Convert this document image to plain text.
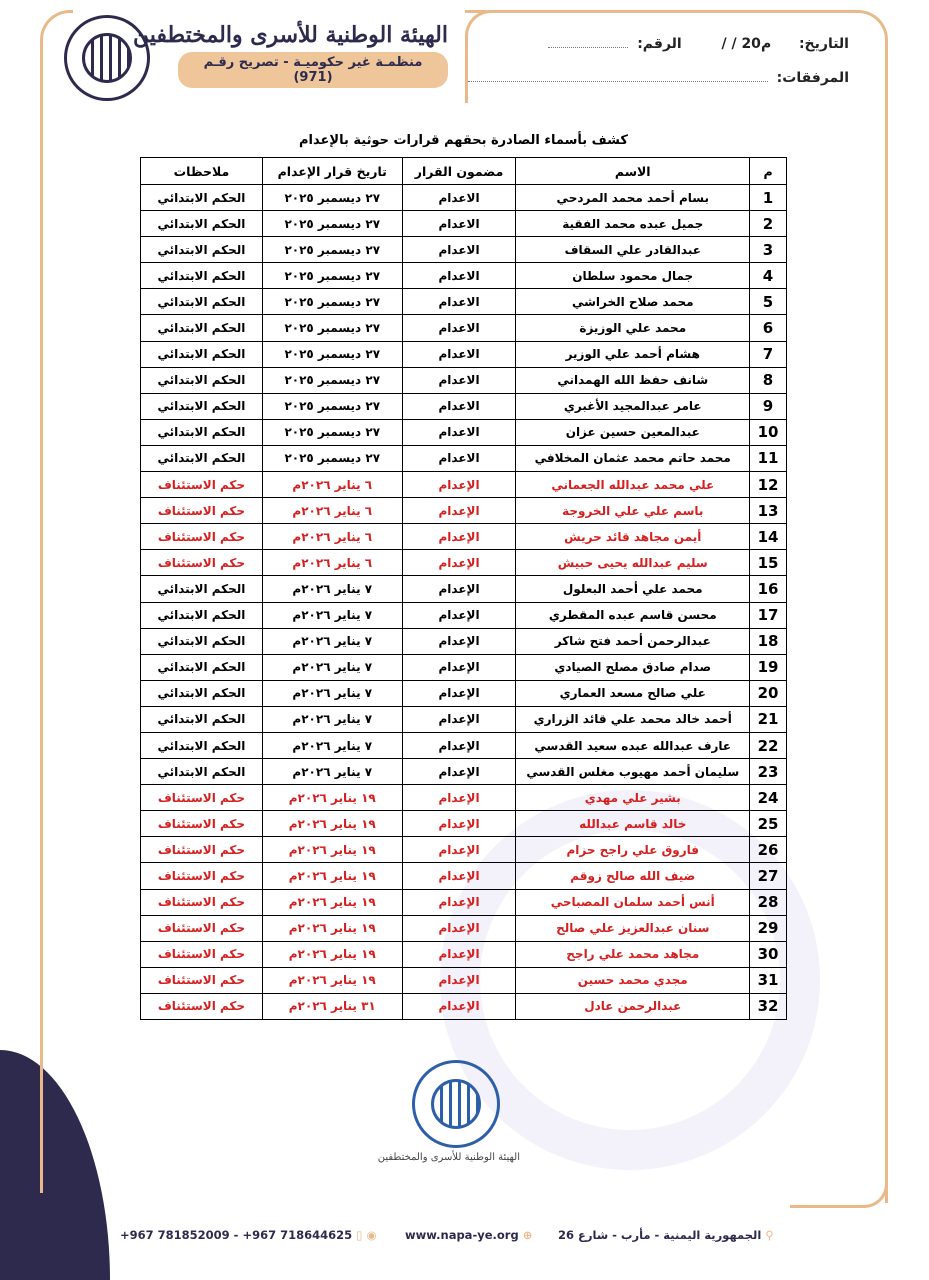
الهيئة الوطنية للأسرى والمختطفين
منظمـة غير حكوميـة - تصريح رقـم (971)
التاريخ:  / / 20م  الرقم:
المرفقات:
كشف بأسماء الصادرة بحقهم قرارات حوثية بالإعدام
م	الاسم	مضمون القرار	تاريخ قرار الإعدام	ملاحظات
1	بسام أحمد محمد المردحي	الاعدام	٢٧ ديسمبر ٢٠٢٥	الحكم الابتدائي
2	جميل عبده محمد الفقية	الاعدام	٢٧ ديسمبر ٢٠٢٥	الحكم الابتدائي
3	عبدالقادر علي السقاف	الاعدام	٢٧ ديسمبر ٢٠٢٥	الحكم الابتدائي
4	جمال محمود سلطان	الاعدام	٢٧ ديسمبر ٢٠٢٥	الحكم الابتدائي
5	محمد صلاح الخراشي	الاعدام	٢٧ ديسمبر ٢٠٢٥	الحكم الابتدائي
6	محمد علي الوزيزة	الاعدام	٢٧ ديسمبر ٢٠٢٥	الحكم الابتدائي
7	هشام أحمد علي الوزير	الاعدام	٢٧ ديسمبر ٢٠٢٥	الحكم الابتدائي
8	شانف حفظ الله الهمداني	الاعدام	٢٧ ديسمبر ٢٠٢٥	الحكم الابتدائي
9	عامر عبدالمجيد الأغبري	الاعدام	٢٧ ديسمبر ٢٠٢٥	الحكم الابتدائي
10	عبدالمعين حسين عزان	الاعدام	٢٧ ديسمبر ٢٠٢٥	الحكم الابتدائي
11	محمد حاتم محمد عثمان المخلافي	الاعدام	٢٧ ديسمبر ٢٠٢٥	الحكم الابتدائي
12	علي محمد عبدالله الجعماني	الإعدام	٦ يناير ٢٠٢٦م	حكم الاستئناف
13	باسم علي علي الخروجة	الإعدام	٦ يناير ٢٠٢٦م	حكم الاستئناف
14	أيمن مجاهد قائد حريش	الإعدام	٦ يناير ٢٠٢٦م	حكم الاستئناف
15	سليم عبدالله يحيى حبيش	الإعدام	٦ يناير ٢٠٢٦م	حكم الاستئناف
16	محمد علي أحمد البعلول	الإعدام	٧ يناير ٢٠٢٦م	الحكم الابتدائي
17	محسن قاسم عبده المقطري	الإعدام	٧ يناير ٢٠٢٦م	الحكم الابتدائي
18	عبدالرحمن أحمد فتح شاكر	الإعدام	٧ يناير ٢٠٢٦م	الحكم الابتدائي
19	صدام صادق مصلح الصيادي	الإعدام	٧ يناير ٢٠٢٦م	الحكم الابتدائي
20	علي صالح مسعد العماري	الإعدام	٧ يناير ٢٠٢٦م	الحكم الابتدائي
21	أحمد خالد محمد علي قائد الزراري	الإعدام	٧ يناير ٢٠٢٦م	الحكم الابتدائي
22	عارف عبدالله عبده سعيد القدسي	الإعدام	٧ يناير ٢٠٢٦م	الحكم الابتدائي
23	سليمان أحمد مهيوب مغلس القدسي	الإعدام	٧ يناير ٢٠٢٦م	الحكم الابتدائي
24	بشير علي مهدي	الإعدام	١٩ يناير ٢٠٢٦م	حكم الاستئناف
25	خالد قاسم عبدالله	الإعدام	١٩ يناير ٢٠٢٦م	حكم الاستئناف
26	فاروق علي راجح حزام	الإعدام	١٩ يناير ٢٠٢٦م	حكم الاستئناف
27	ضيف الله صالح زوقم	الإعدام	١٩ يناير ٢٠٢٦م	حكم الاستئناف
28	أنس أحمد سلمان المصباحي	الإعدام	١٩ يناير ٢٠٢٦م	حكم الاستئناف
29	سنان عبدالعزيز علي صالح	الإعدام	١٩ يناير ٢٠٢٦م	حكم الاستئناف
30	مجاهد محمد علي راجح	الإعدام	١٩ يناير ٢٠٢٦م	حكم الاستئناف
31	مجدي محمد حسين	الإعدام	١٩ يناير ٢٠٢٦م	حكم الاستئناف
32	عبدالرحمن عادل	الإعدام	٣١ يناير ٢٠٢٦م	حكم الاستئناف
الهيئة الوطنية للأسرى والمختطفين
+967 781852009 - +967 718644625 ▯ ◉ www.napa-ye.org ⊕	⚲ الجمهورية اليمنية - مأرب - شارع 26
